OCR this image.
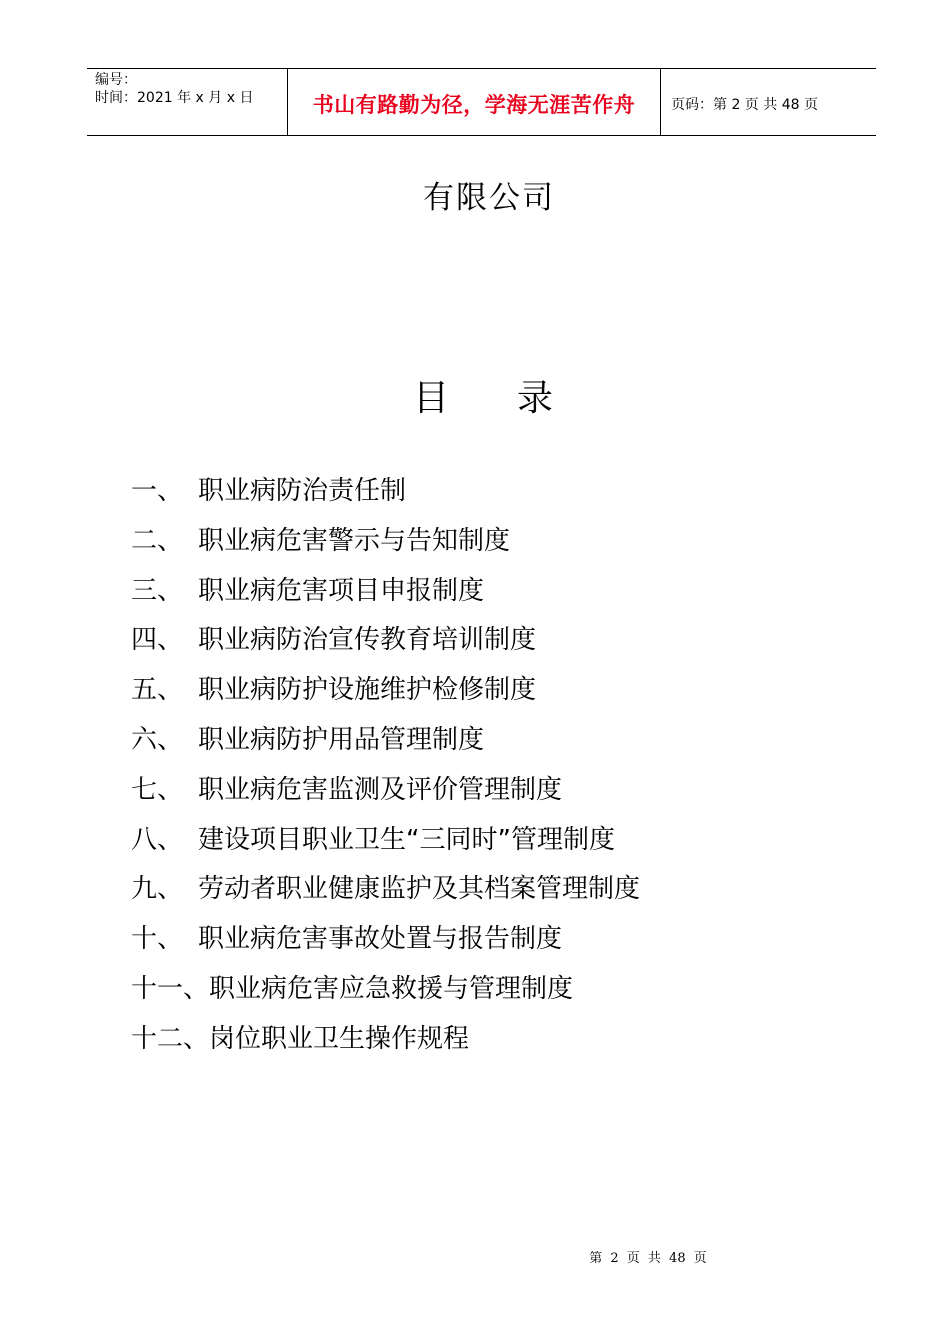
编号：
时间：2021 年 x 月 x 日	书山有路勤为径，学海无涯苦作舟	页码：第 2 页 共 48 页
有限公司
目 录
一、 职业病防治责任制
二、 职业病危害警示与告知制度
三、 职业病危害项目申报制度
四、 职业病防治宣传教育培训制度
五、 职业病防护设施维护检修制度
六、 职业病防护用品管理制度
七、 职业病危害监测及评价管理制度
八、 建设项目职业卫生“三同时”管理制度
九、 劳动者职业健康监护及其档案管理制度
十、 职业病危害事故处置与报告制度
十一、 职业病危害应急救援与管理制度
十二、 岗位职业卫生操作规程
第 2 页 共 48 页
